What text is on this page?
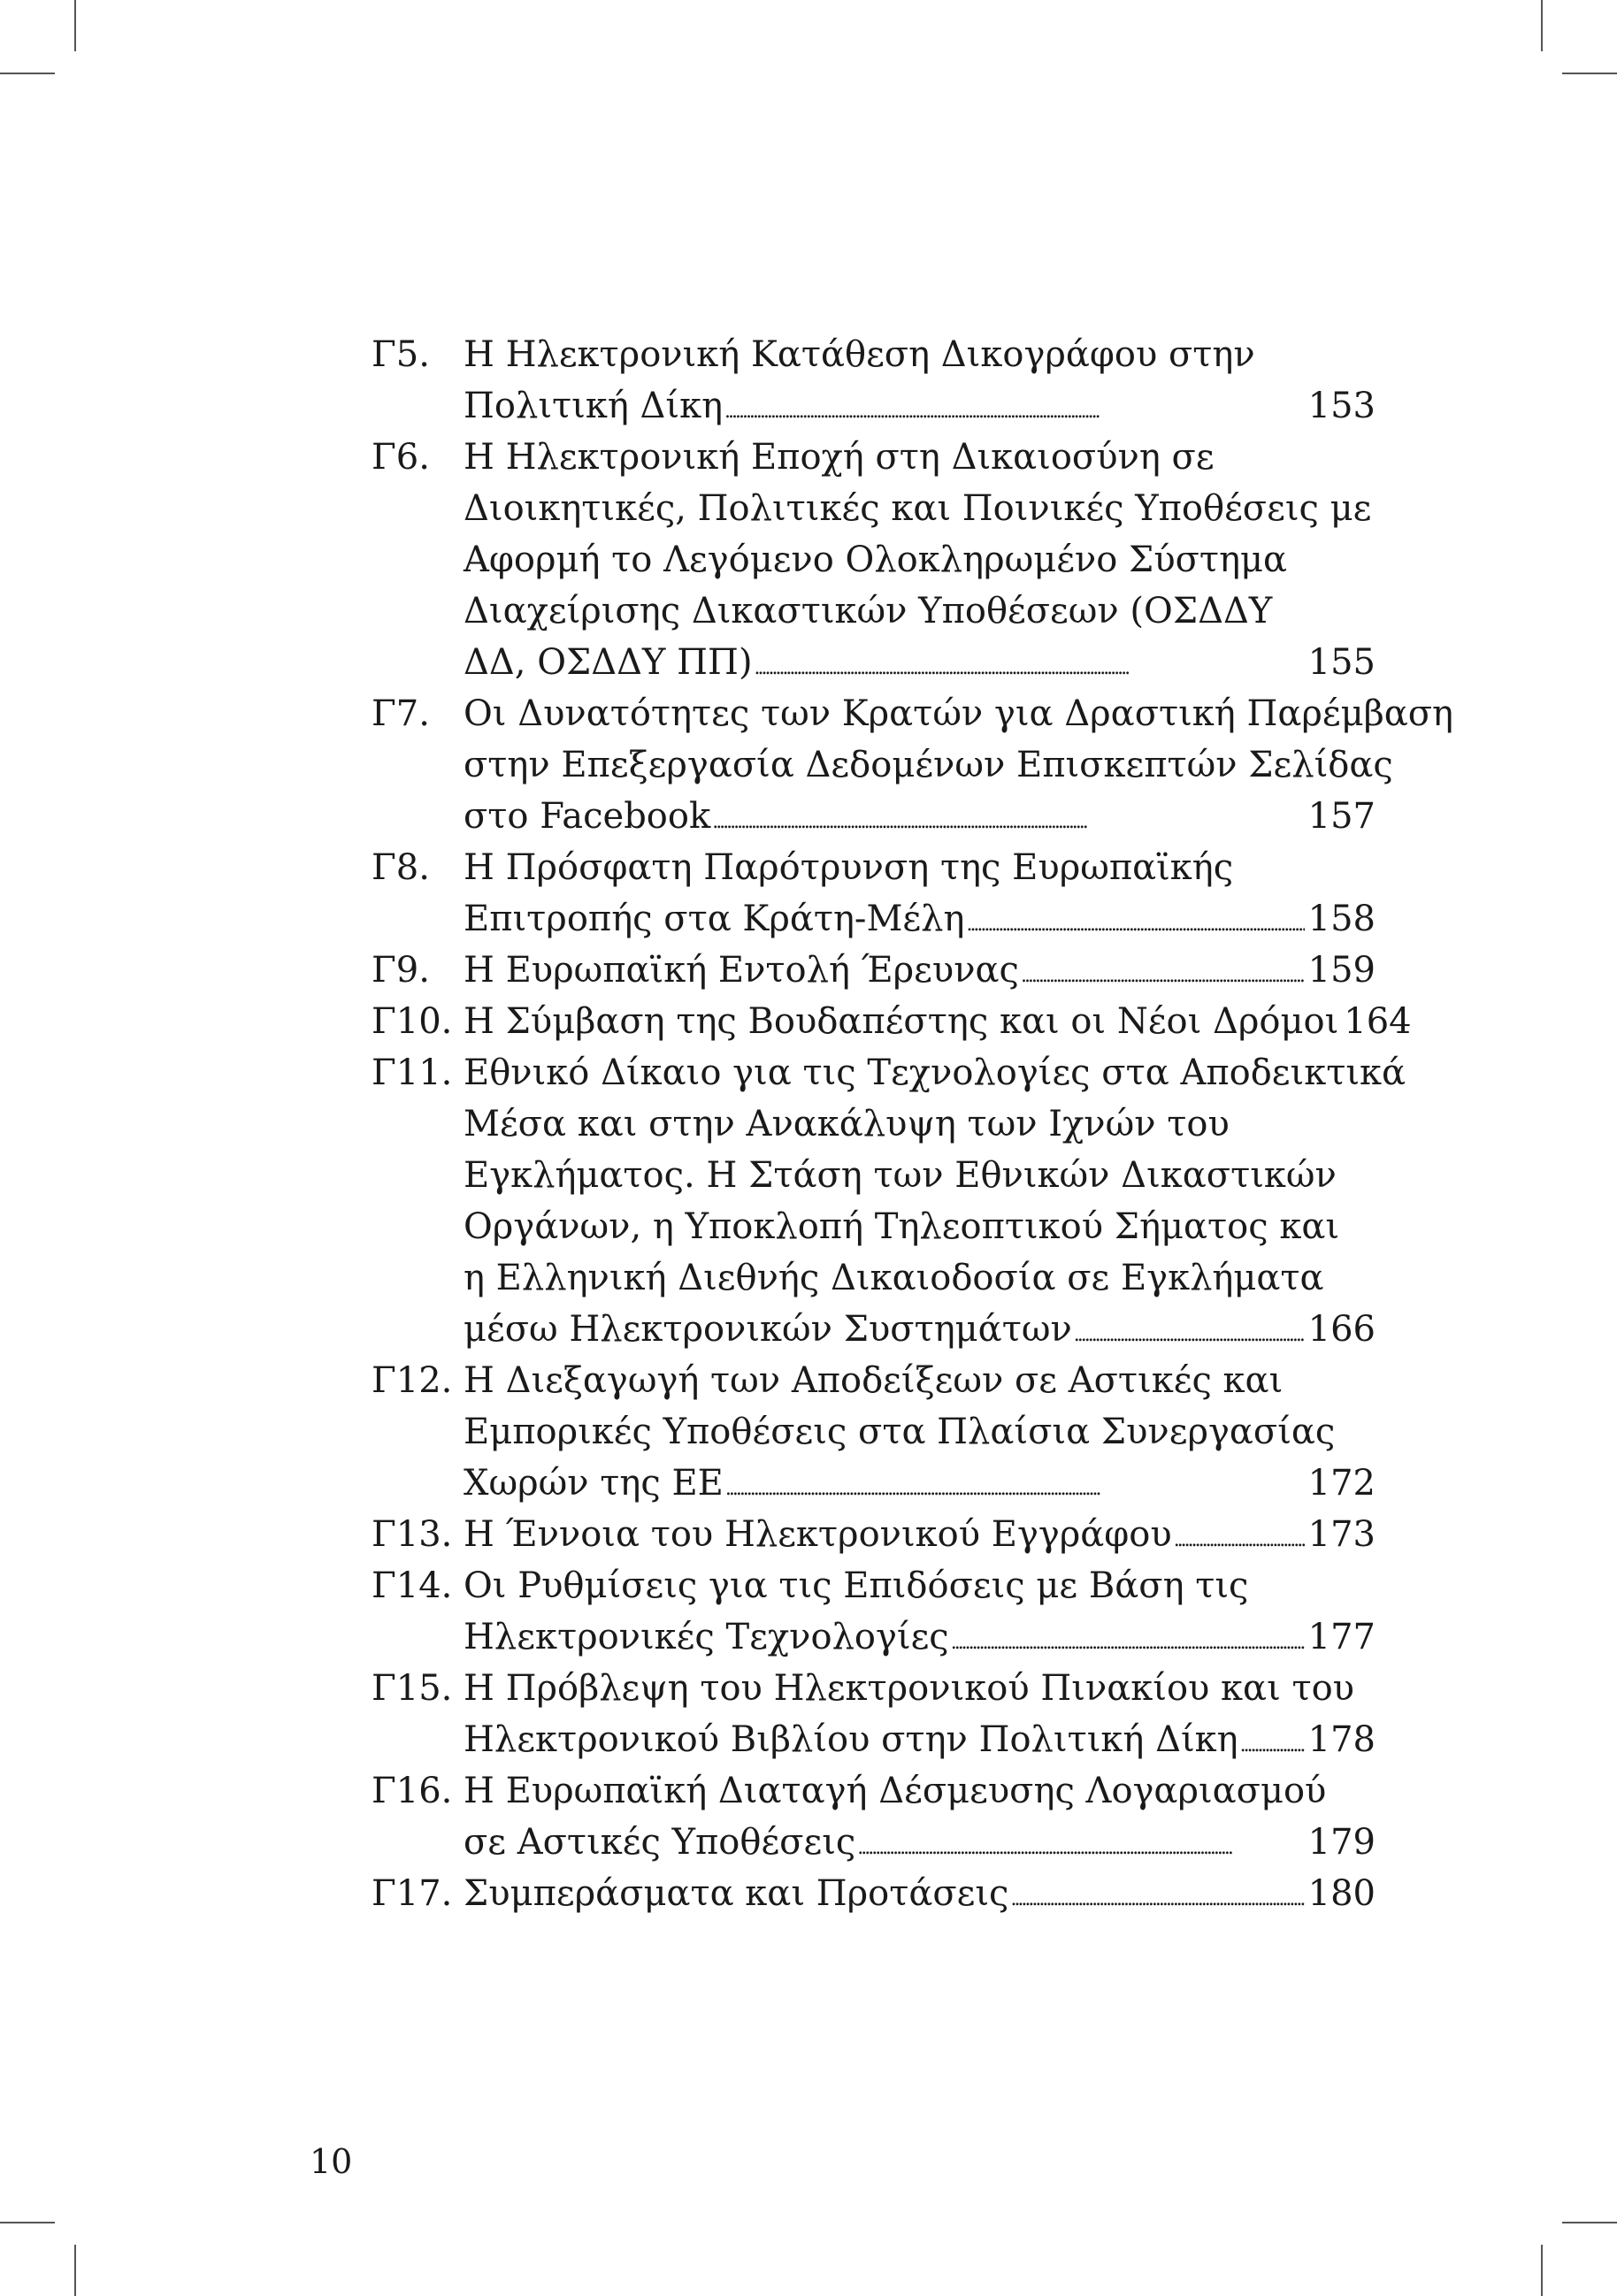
Γ5. Η Ηλεκτρονική Κατάθεση Δικογράφου στην
Πολιτική Δίκη . . .	153
Γ6. Η Ηλεκτρονική Εποχή στη Δικαιοσύνη σε
Διοικητικές, Πολιτικές και Ποινικές Υποθέσεις με
Αφορμή το Λεγόμενο Ολοκληρωμένο Σύστημα
Διαχείρισης Δικαστικών Υποθέσεων (ΟΣΔΔΥ
ΔΔ, ΟΣΔΔΥ ΠΠ) . . .	155
Γ7. Οι Δυνατότητες των Κρατών για Δραστική Παρέμβαση
στην Επεξεργασία Δεδομένων Επισκεπτών Σελίδας
στο Facebook . . .	157
Γ8. Η Πρόσφατη Παρότρυνση της Ευρωπαϊκής
Επιτροπής στα Κράτη-Μέλη . . .	158
Γ9. Η Ευρωπαϊκή Εντολή Έρευνας . . .	159
Γ10. Η Σύμβαση της Βουδαπέστης και οι Νέοι Δρόμοι 164
Γ11. Εθνικό Δίκαιο για τις Τεχνολογίες στα Αποδεικτικά
Μέσα και στην Ανακάλυψη των Ιχνών του
Εγκλήματος. Η Στάση των Εθνικών Δικαστικών
Οργάνων, η Υποκλοπή Τηλεοπτικού Σήματος και
η Ελληνική Διεθνής Δικαιοδοσία σε Εγκλήματα
μέσω Ηλεκτρονικών Συστημάτων . . .	166
Γ12. Η Διεξαγωγή των Αποδείξεων σε Αστικές και
Εμπορικές Υποθέσεις στα Πλαίσια Συνεργασίας
Χωρών της ΕΕ . . .	172
Γ13. Η Έννοια του Ηλεκτρονικού Εγγράφου . . .	173
Γ14. Οι Ρυθμίσεις για τις Επιδόσεις με Βάση τις
Ηλεκτρονικές Τεχνολογίες . . .	177
Γ15. Η Πρόβλεψη του Ηλεκτρονικού Πινακίου και του
Ηλεκτρονικού Βιβλίου στην Πολιτική Δίκη . . . 178
Γ16. Η Ευρωπαϊκή Διαταγή Δέσμευσης Λογαριασμού
σε Αστικές Υποθέσεις . . .	179
Γ17. Συμπεράσματα και Προτάσεις . . .	180
10
